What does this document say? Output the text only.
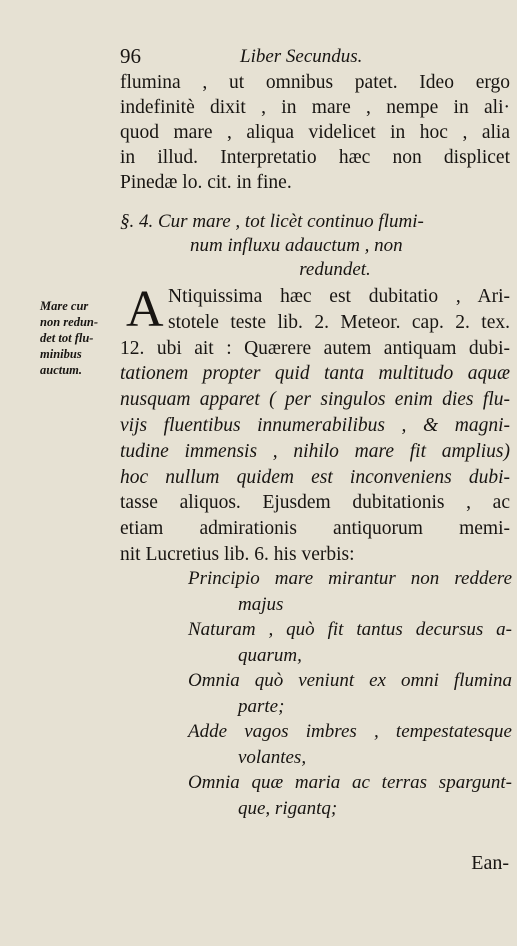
96	Liber Secundus.
flumina , ut omnibus patet. Ideo ergo
indefinitè dixit , in mare , nempe in ali·
quod mare , aliqua videlicet in hoc , alia
in illud. Interpretatio hæc non displicet
Pinedæ lo. cit. in fine.
§. 4. Cur mare , tot licèt continuo flumi-
num influxu adauctum , non
redundet.
Mare cur
non redun-
det tot flu-
minibus
auctum.
A Ntiquissima hæc est dubitatio , Ari-
stotele teste lib. 2. Meteor. cap. 2. tex.
12. ubi ait : Quærere autem antiquam dubi-
tationem propter quid tanta multitudo aquæ
nusquam apparet ( per singulos enim dies flu-
vijs fluentibus innumerabilibus , & magni-
tudine immensis , nihilo mare fit amplius)
hoc nullum quidem est inconveniens dubi-
tasse aliquos. Ejusdem dubitationis , ac
etiam admirationis antiquorum memi-
nit Lucretius lib. 6. his verbis:
Principio mare mirantur non reddere
majus
Naturam , quò fit tantus decursus a-
quarum,
Omnia quò veniunt ex omni flumina
parte;
Adde vagos imbres , tempestatesque
volantes,
Omnia quæ maria ac terras spargunt-
que, rigantq;
Ean-
